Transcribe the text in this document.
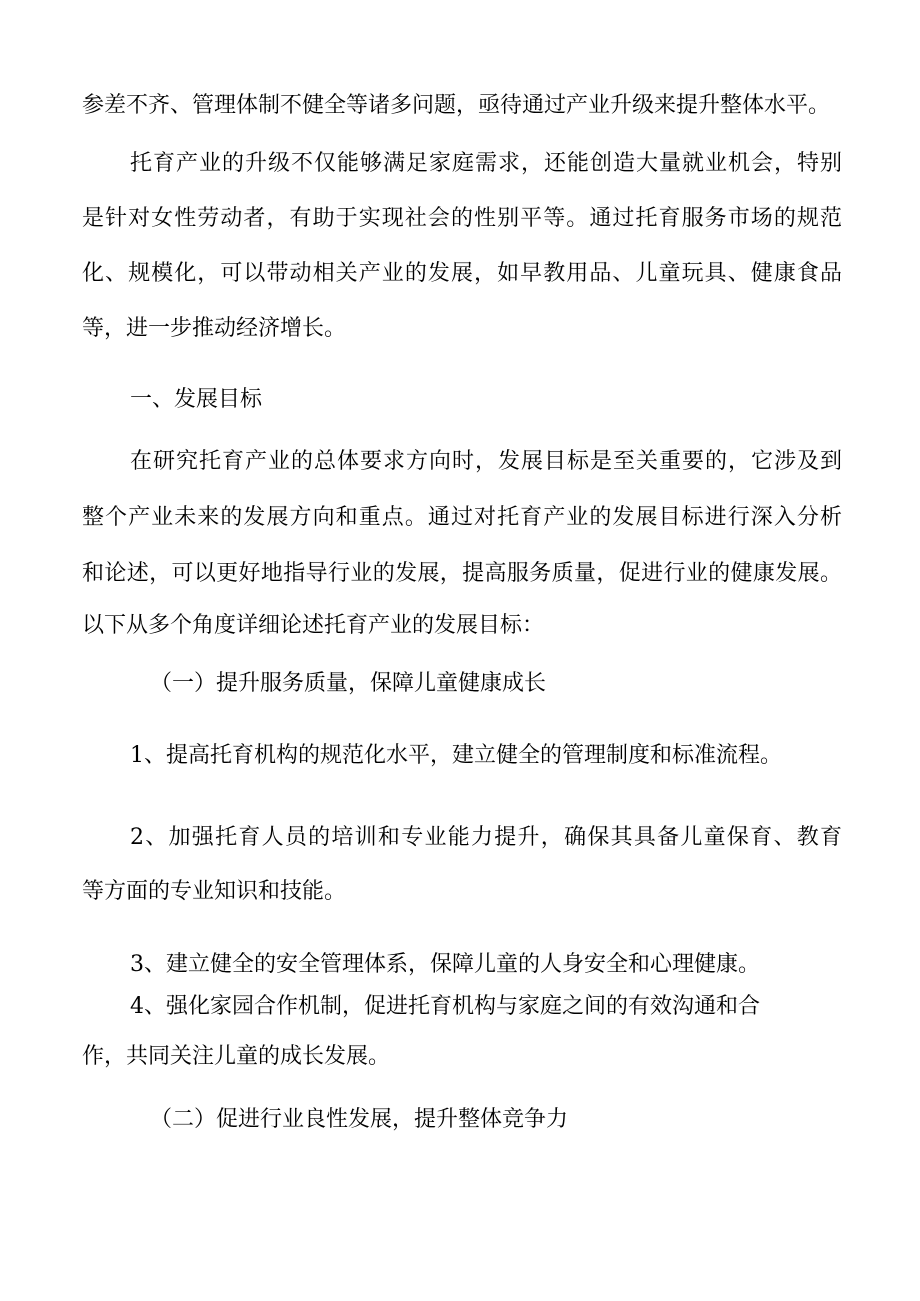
参差不齐、管理体制不健全等诸多问题，亟待通过产业升级来提升整体水平。
托育产业的升级不仅能够满足家庭需求，还能创造大量就业机会，特别
是针对女性劳动者，有助于实现社会的性别平等。通过托育服务市场的规范
化、规模化，可以带动相关产业的发展，如早教用品、儿童玩具、健康食品
等，进一步推动经济增长。
一、发展目标
在研究托育产业的总体要求方向时，发展目标是至关重要的，它涉及到
整个产业未来的发展方向和重点。通过对托育产业的发展目标进行深入分析
和论述，可以更好地指导行业的发展，提高服务质量，促进行业的健康发展。
以下从多个角度详细论述托育产业的发展目标：
（一）提升服务质量，保障儿童健康成长
1、提高托育机构的规范化水平，建立健全的管理制度和标准流程。
2、加强托育人员的培训和专业能力提升，确保其具备儿童保育、教育
等方面的专业知识和技能。
3、建立健全的安全管理体系，保障儿童的人身安全和心理健康。
4、强化家园合作机制，促进托育机构与家庭之间的有效沟通和合
作，共同关注儿童的成长发展。
（二）促进行业良性发展，提升整体竞争力
